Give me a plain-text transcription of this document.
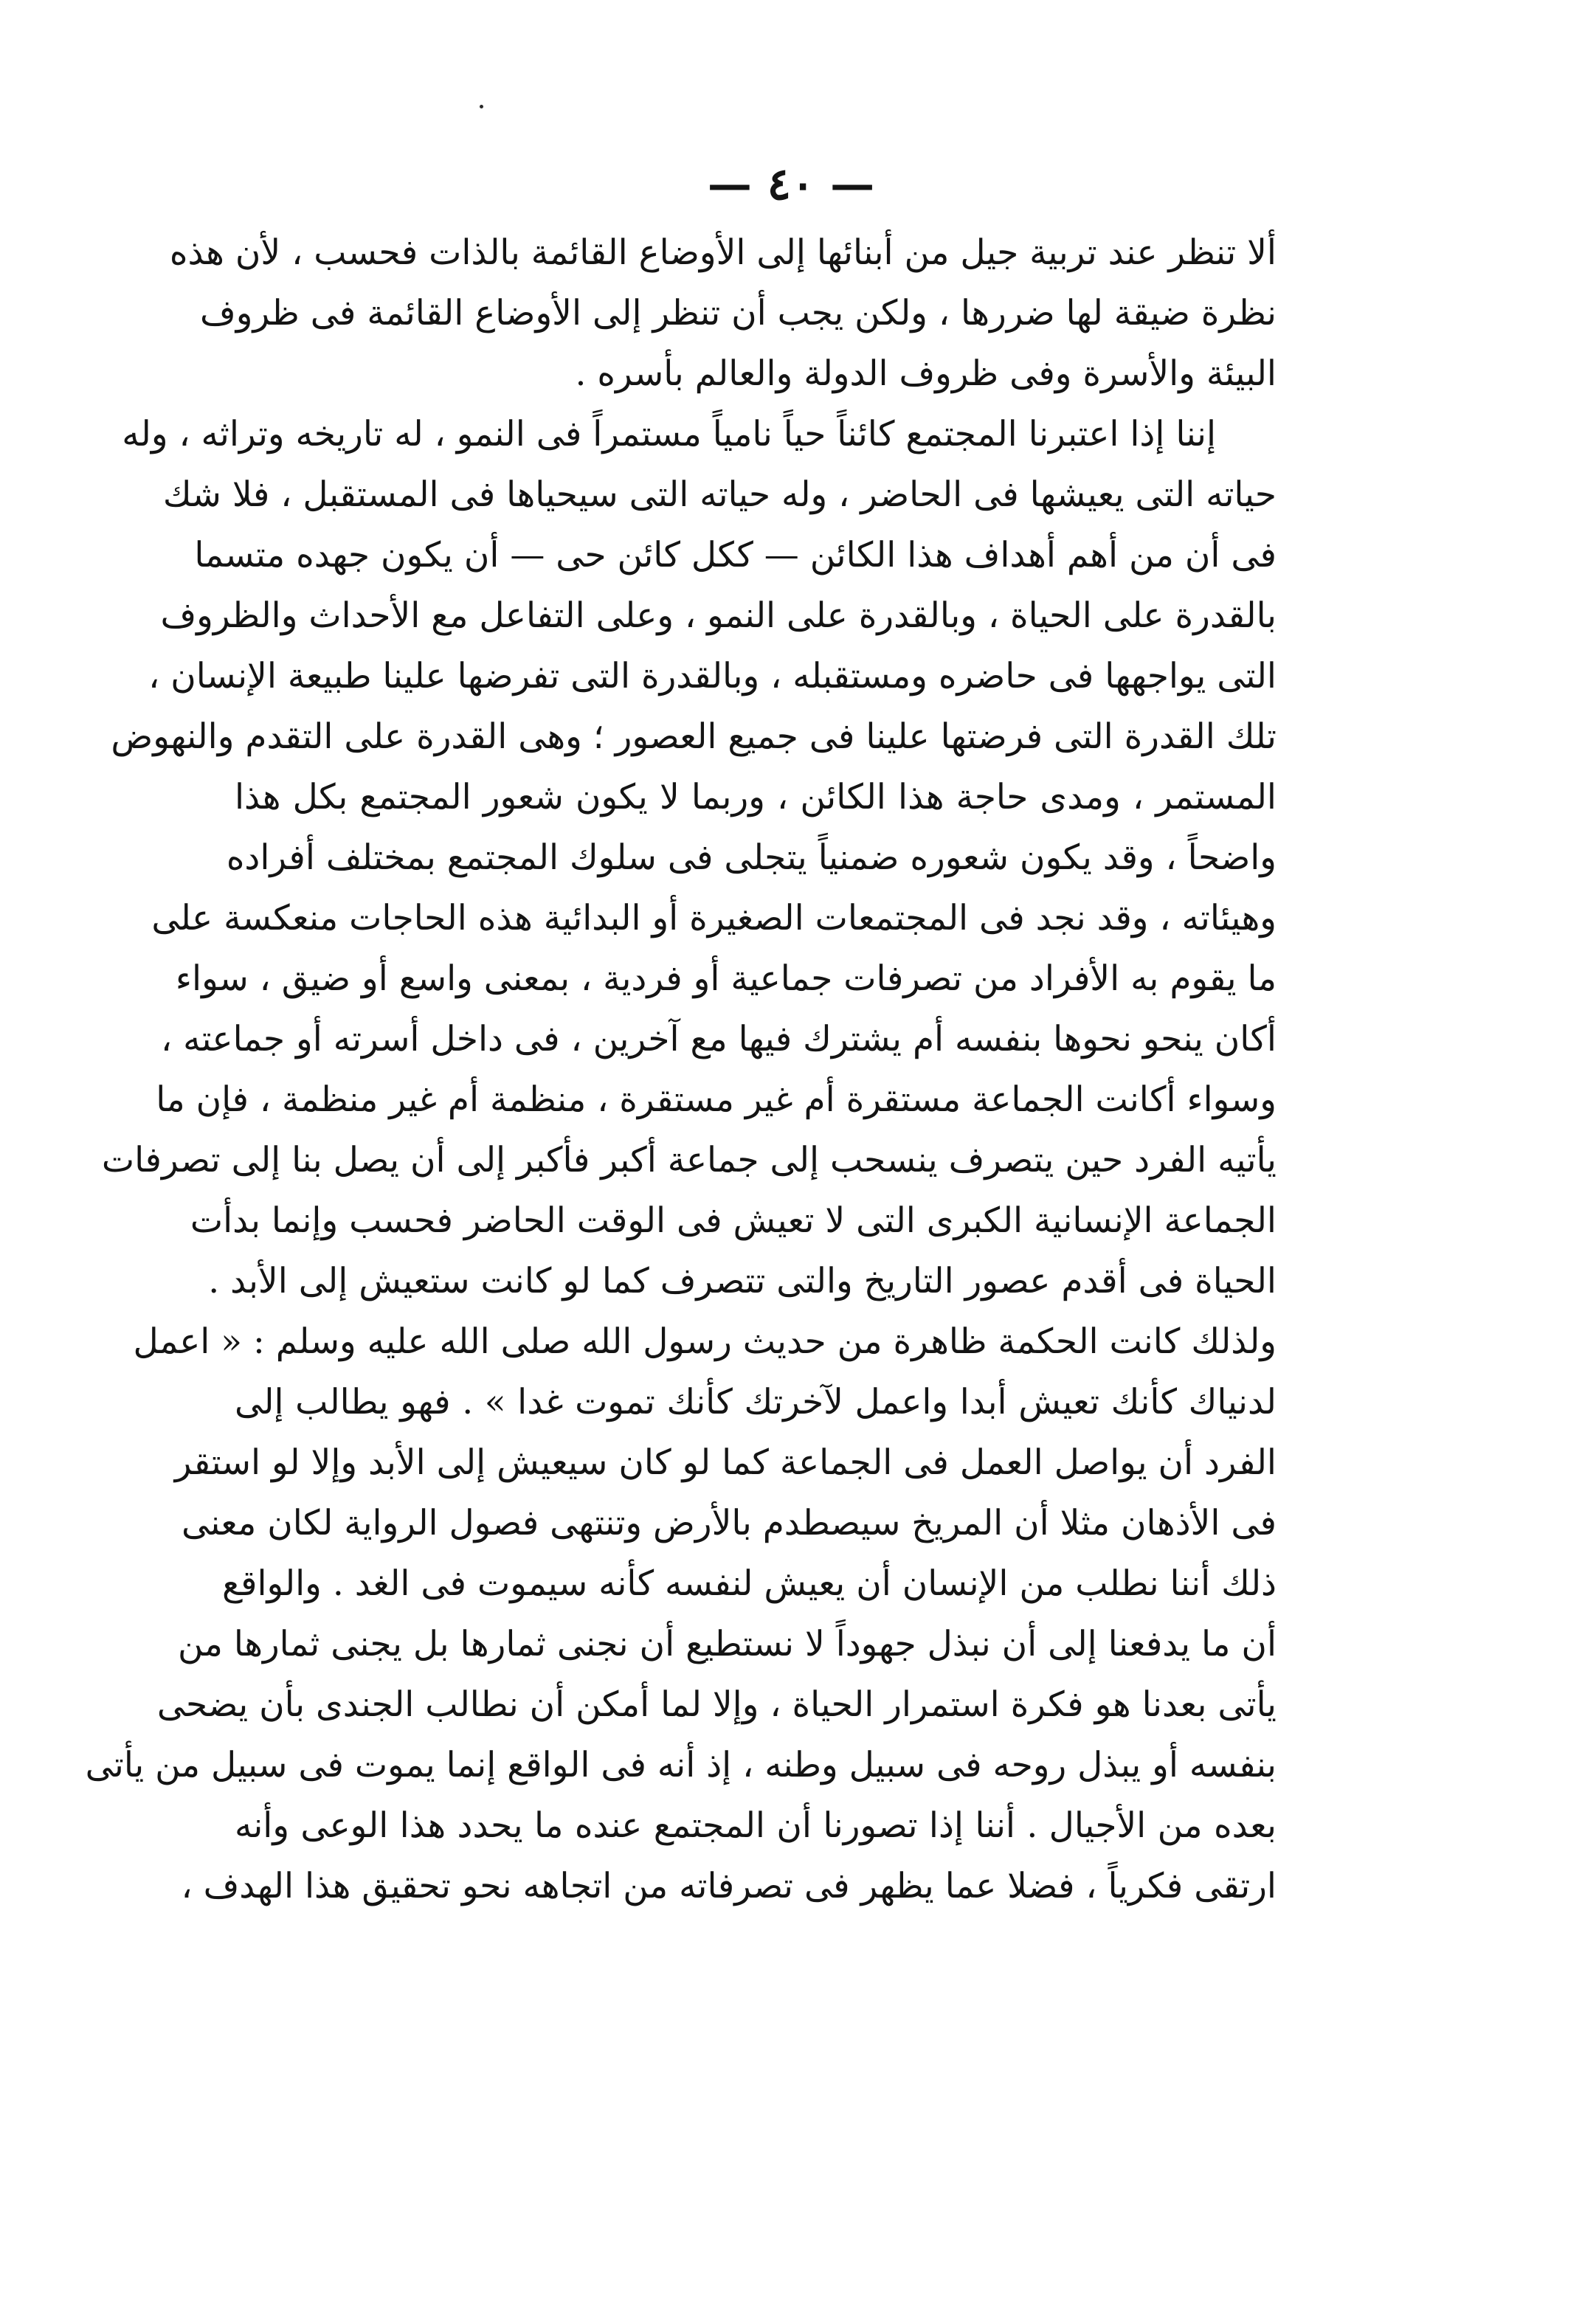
— ٤٠ —
ألا تنظر عند تربية جيل من أبنائها إلى الأوضاع القائمة بالذات فحسب ، لأن هذه
نظرة ضيقة لها ضررها ، ولكن يجب أن تنظر إلى الأوضاع القائمة فى ظروف
البيئة والأسرة وفى ظروف الدولة والعالم بأسره .
إننا إذا اعتبرنا المجتمع كائناً حياً نامياً مستمراً فى النمو ، له تاريخه وتراثه ، وله
حياته التى يعيشها فى الحاضر ، وله حياته التى سيحياها فى المستقبل ، فلا شك
فى أن من أهم أهداف هذا الكائن — ككل كائن حى — أن يكون جهده متسما
بالقدرة على الحياة ، وبالقدرة على النمو ، وعلى التفاعل مع الأحداث والظروف
التى يواجهها فى حاضره ومستقبله ، وبالقدرة التى تفرضها علينا طبيعة الإنسان ،
تلك القدرة التى فرضتها علينا فى جميع العصور ؛ وهى القدرة على التقدم والنهوض
المستمر ، ومدى حاجة هذا الكائن ، وربما لا يكون شعور المجتمع بكل هذا
واضحاً ، وقد يكون شعوره ضمنياً يتجلى فى سلوك المجتمع بمختلف أفراده
وهيئاته ، وقد نجد فى المجتمعات الصغيرة أو البدائية هذه الحاجات منعكسة على
ما يقوم به الأفراد من تصرفات جماعية أو فردية ، بمعنى واسع أو ضيق ، سواء
أكان ينحو نحوها بنفسه أم يشترك فيها مع آخرين ، فى داخل أسرته أو جماعته ،
وسواء أكانت الجماعة مستقرة أم غير مستقرة ، منظمة أم غير منظمة ، فإن ما
يأتيه الفرد حين يتصرف ينسحب إلى جماعة أكبر فأكبر إلى أن يصل بنا إلى تصرفات
الجماعة الإنسانية الكبرى التى لا تعيش فى الوقت الحاضر فحسب وإنما بدأت
الحياة فى أقدم عصور التاريخ والتى تتصرف كما لو كانت ستعيش إلى الأبد .
ولذلك كانت الحكمة ظاهرة من حديث رسول الله صلى الله عليه وسلم : « اعمل
لدنياك كأنك تعيش أبدا واعمل لآخرتك كأنك تموت غدا » . فهو يطالب إلى
الفرد أن يواصل العمل فى الجماعة كما لو كان سيعيش إلى الأبد وإلا لو استقر
فى الأذهان مثلا أن المريخ سيصطدم بالأرض وتنتهى فصول الرواية لكان معنى
ذلك أننا نطلب من الإنسان أن يعيش لنفسه كأنه سيموت فى الغد . والواقع
أن ما يدفعنا إلى أن نبذل جهوداً لا نستطيع أن نجنى ثمارها بل يجنى ثمارها من
يأتى بعدنا هو فكرة استمرار الحياة ، وإلا لما أمكن أن نطالب الجندى بأن يضحى
بنفسه أو يبذل روحه فى سبيل وطنه ، إذ أنه فى الواقع إنما يموت فى سبيل من يأتى
بعده من الأجيال . أننا إذا تصورنا أن المجتمع عنده ما يحدد هذا الوعى وأنه
ارتقى فكرياً ، فضلا عما يظهر فى تصرفاته من اتجاهه نحو تحقيق هذا الهدف ،
